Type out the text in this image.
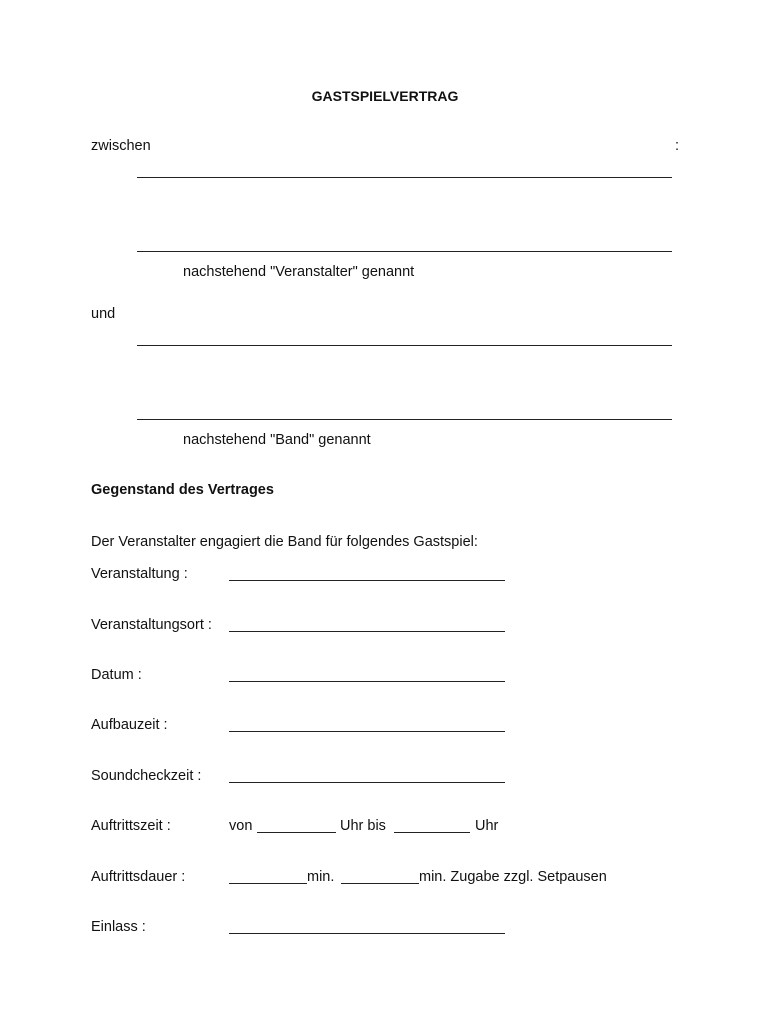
GASTSPIELVERTRAG
zwischen	:
nachstehend "Veranstalter" genannt
und
nachstehend "Band" genannt
Gegenstand des Vertrages
Der Veranstalter engagiert die Band für folgendes Gastspiel:
Veranstaltung :
Veranstaltungsort :
Datum :
Aufbauzeit :
Soundcheckzeit :
Auftrittszeit :	von	Uhr bis	Uhr
Auftrittsdauer :	min.	min. Zugabe zzgl. Setpausen
Einlass :
